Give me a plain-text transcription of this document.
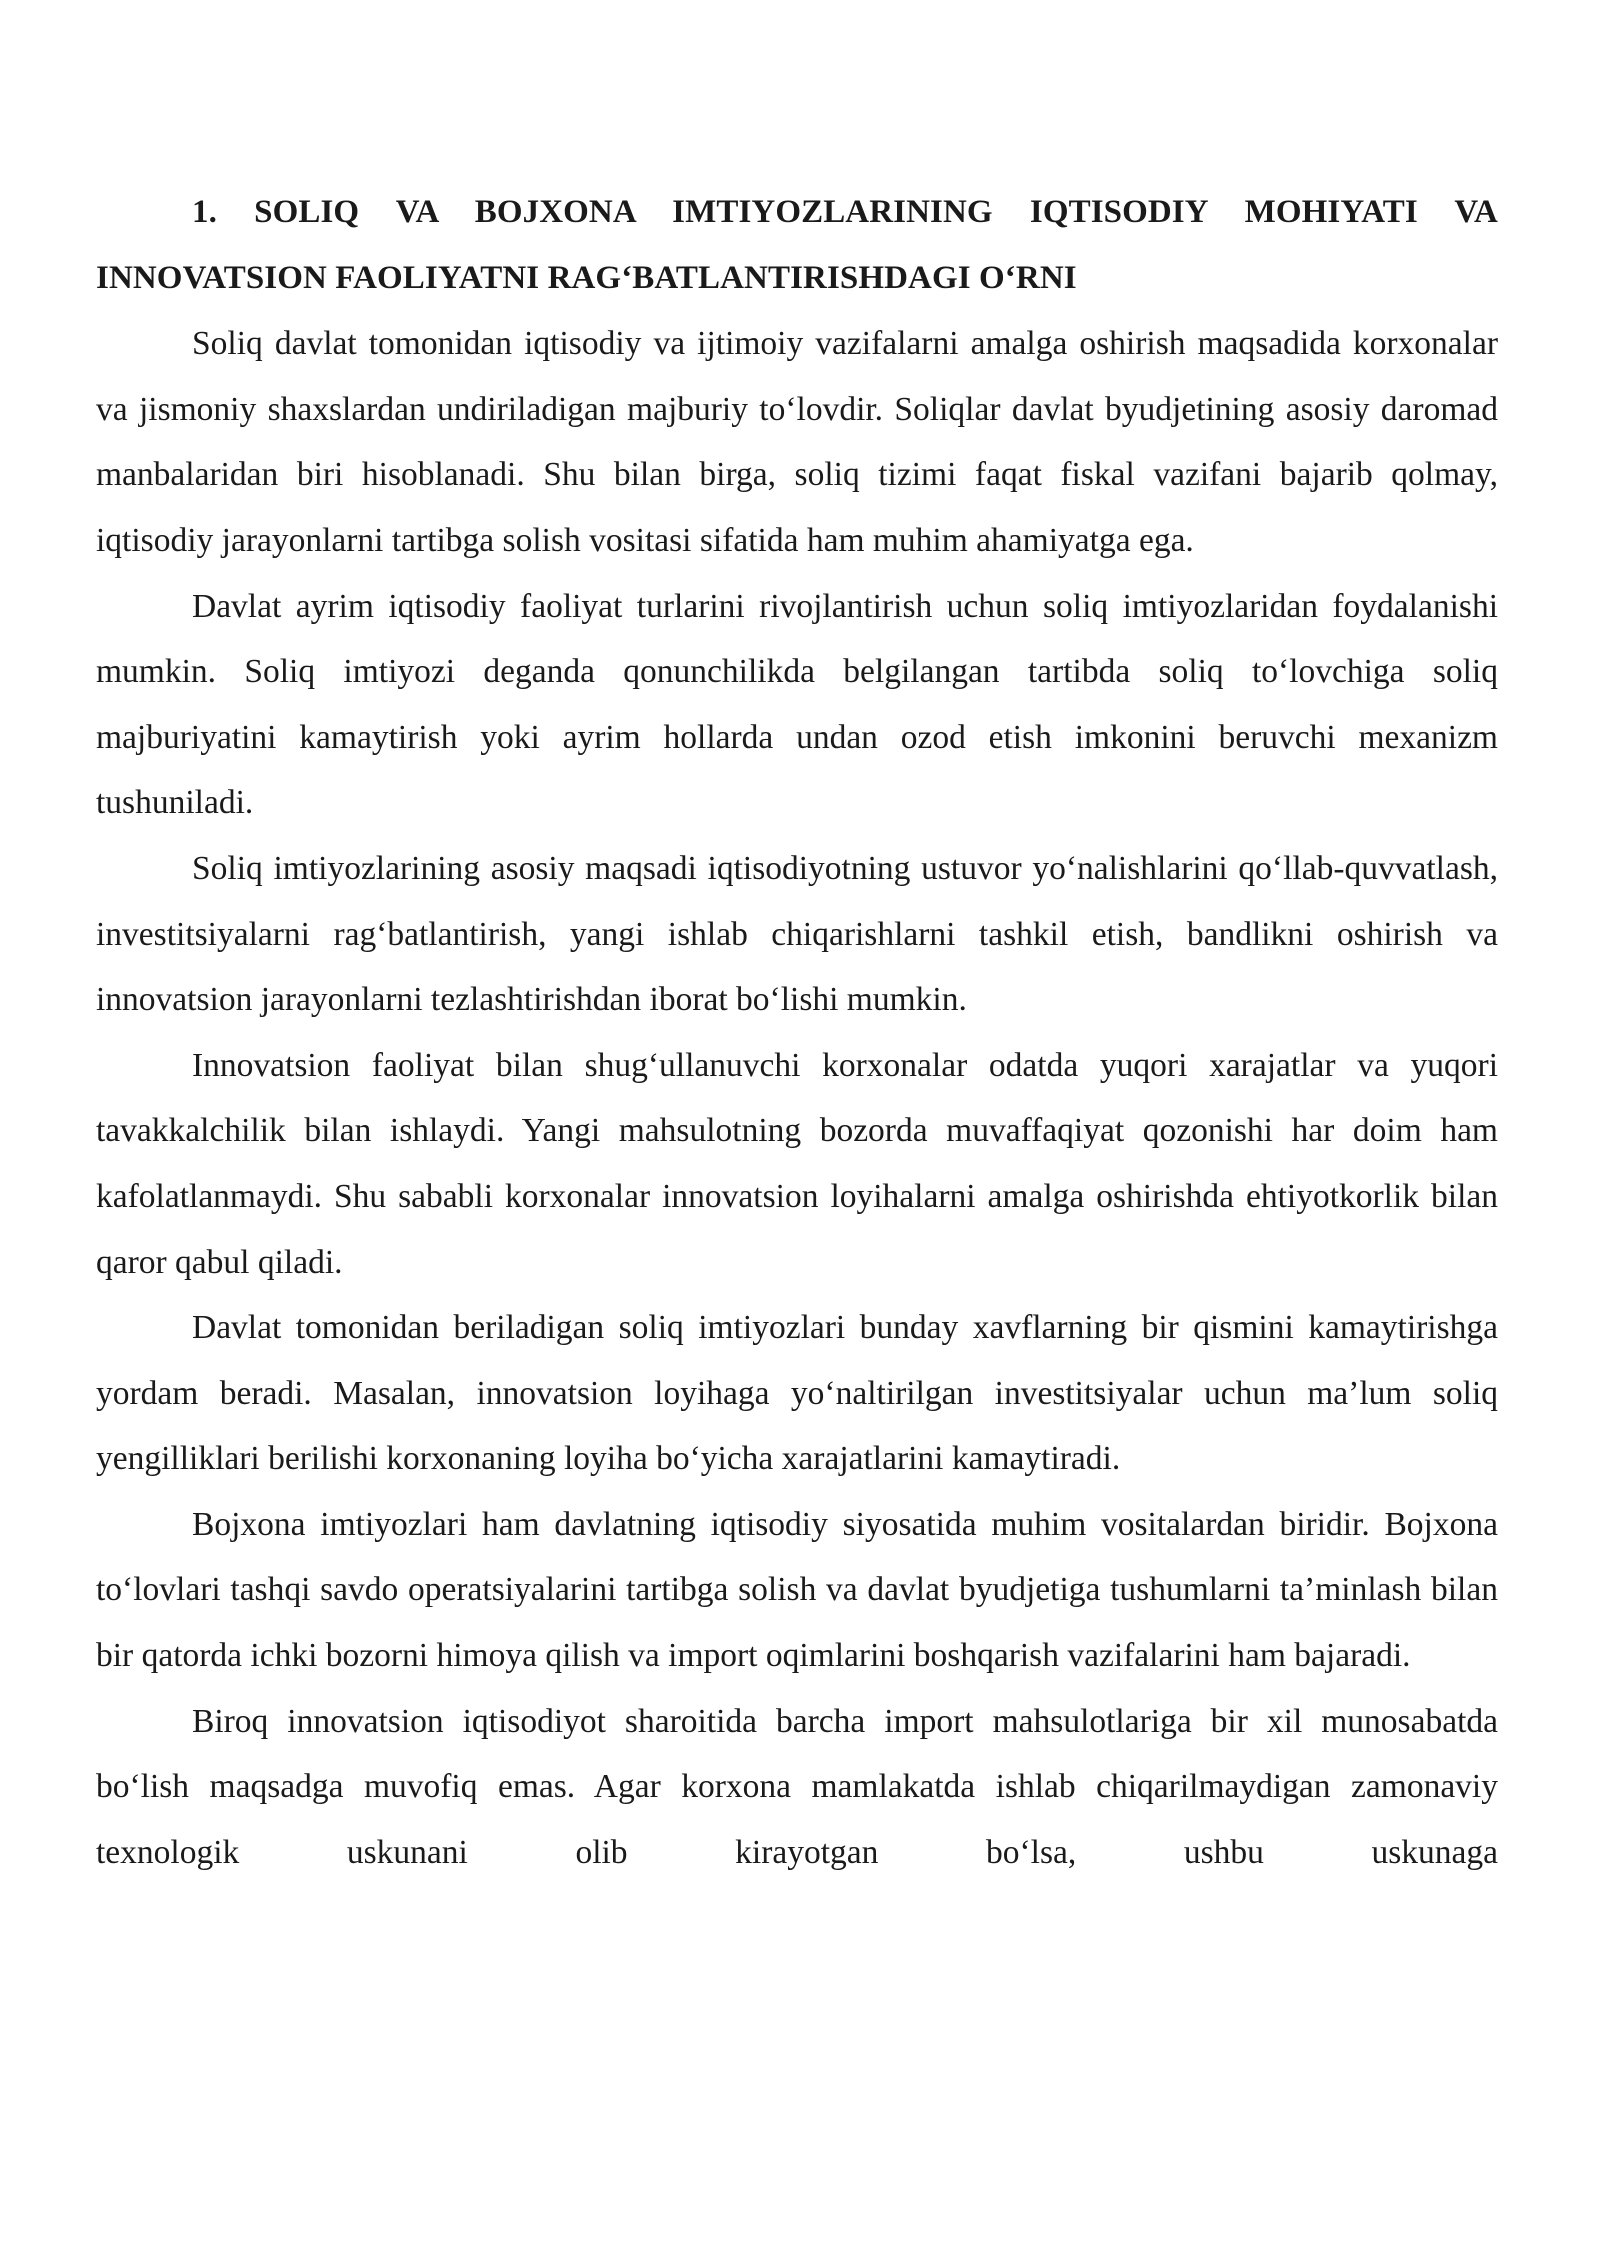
1. SOLIQ VA BOJXONA IMTIYOZLARINING IQTISODIY MOHIYATI VA INNOVATSION FAOLIYATNI RAG‘BATLANTIRISHDAGI O‘RNI

Soliq davlat tomonidan iqtisodiy va ijtimoiy vazifalarni amalga oshirish maqsadida korxonalar va jismoniy shaxslardan undiriladigan majburiy to‘lovdir. Soliqlar davlat byudjetining asosiy daromad manbalaridan biri hisoblanadi. Shu bilan birga, soliq tizimi faqat fiskal vazifani bajarib qolmay, iqtisodiy jarayonlarni tartibga solish vositasi sifatida ham muhim ahamiyatga ega.

Davlat ayrim iqtisodiy faoliyat turlarini rivojlantirish uchun soliq imtiyozlaridan foydalanishi mumkin. Soliq imtiyozi deganda qonunchilikda belgilangan tartibda soliq to‘lovchiga soliq majburiyatini kamaytirish yoki ayrim hollarda undan ozod etish imkonini beruvchi mexanizm tushuniladi.

Soliq imtiyozlarining asosiy maqsadi iqtisodiyotning ustuvor yo‘nalishlarini qo‘llab-quvvatlash, investitsiyalarni rag‘batlantirish, yangi ishlab chiqarishlarni tashkil etish, bandlikni oshirish va innovatsion jarayonlarni tezlashtirishdan iborat bo‘lishi mumkin.

Innovatsion faoliyat bilan shug‘ullanuvchi korxonalar odatda yuqori xarajatlar va yuqori tavakkalchilik bilan ishlaydi. Yangi mahsulotning bozorda muvaffaqiyat qozonishi har doim ham kafolatlanmaydi. Shu sababli korxonalar innovatsion loyihalarni amalga oshirishda ehtiyotkorlik bilan qaror qabul qiladi.

Davlat tomonidan beriladigan soliq imtiyozlari bunday xavflarning bir qismini kamaytirishga yordam beradi. Masalan, innovatsion loyihaga yo‘naltirilgan investitsiyalar uchun ma’lum soliq yengilliklari berilishi korxonaning loyiha bo‘yicha xarajatlarini kamaytiradi.

Bojxona imtiyozlari ham davlatning iqtisodiy siyosatida muhim vositalardan biridir. Bojxona to‘lovlari tashqi savdo operatsiyalarini tartibga solish va davlat byudjetiga tushumlarni ta’minlash bilan bir qatorda ichki bozorni himoya qilish va import oqimlarini boshqarish vazifalarini ham bajaradi.

Biroq innovatsion iqtisodiyot sharoitida barcha import mahsulotlariga bir xil munosabatda bo‘lish maqsadga muvofiq emas. Agar korxona mamlakatda ishlab chiqarilmaydigan zamonaviy texnologik uskunani olib kirayotgan bo‘lsa, ushbu uskunaga
